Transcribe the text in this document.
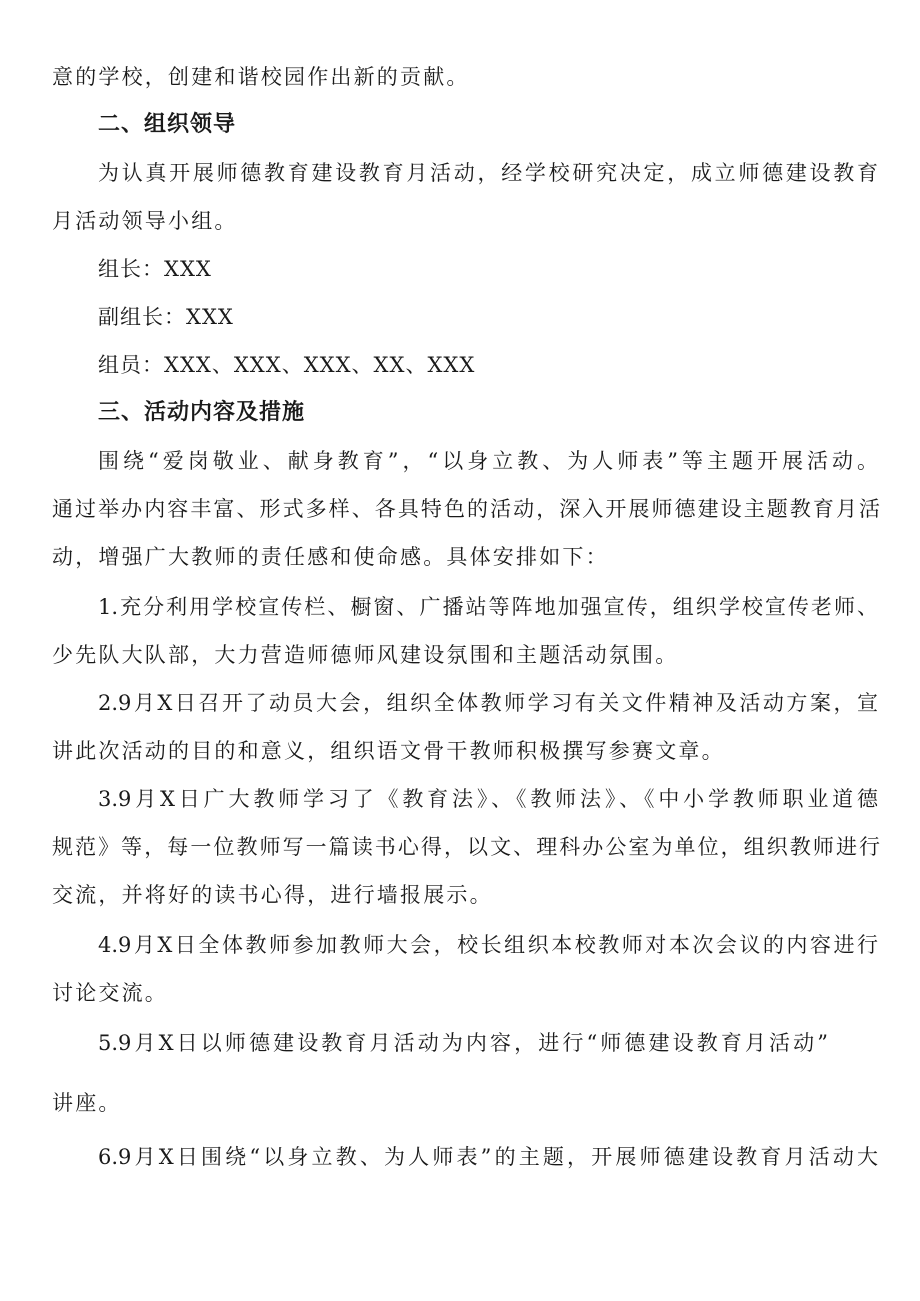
意的学校，创建和谐校园作出新的贡献。
二、组织领导
为认真开展师德教育建设教育月活动，经学校研究决定，成立师德建设教育
月活动领导小组。
组长：XXX
副组长：XXX
组员：XXX、XXX、XXX、XX、XXX
三、活动内容及措施
围绕“爱岗敬业、献身教育”，“以身立教、为人师表”等主题开展活动。
通过举办内容丰富、形式多样、各具特色的活动，深入开展师德建设主题教育月活
动，增强广大教师的责任感和使命感。具体安排如下：
1.充分利用学校宣传栏、橱窗、广播站等阵地加强宣传，组织学校宣传老师、
少先队大队部，大力营造师德师风建设氛围和主题活动氛围。
2.9月X日召开了动员大会，组织全体教师学习有关文件精神及活动方案，宣
讲此次活动的目的和意义，组织语文骨干教师积极撰写参赛文章。
3.9月X日广大教师学习了《教育法》、《教师法》、《中小学教师职业道德
规范》等，每一位教师写一篇读书心得，以文、理科办公室为单位，组织教师进行
交流，并将好的读书心得，进行墙报展示。
4.9月X日全体教师参加教师大会，校长组织本校教师对本次会议的内容进行
讨论交流。
5.9月X日以师德建设教育月活动为内容，进行“师德建设教育月活动”
讲座。
6.9月X日围绕“以身立教、为人师表”的主题，开展师德建设教育月活动大
